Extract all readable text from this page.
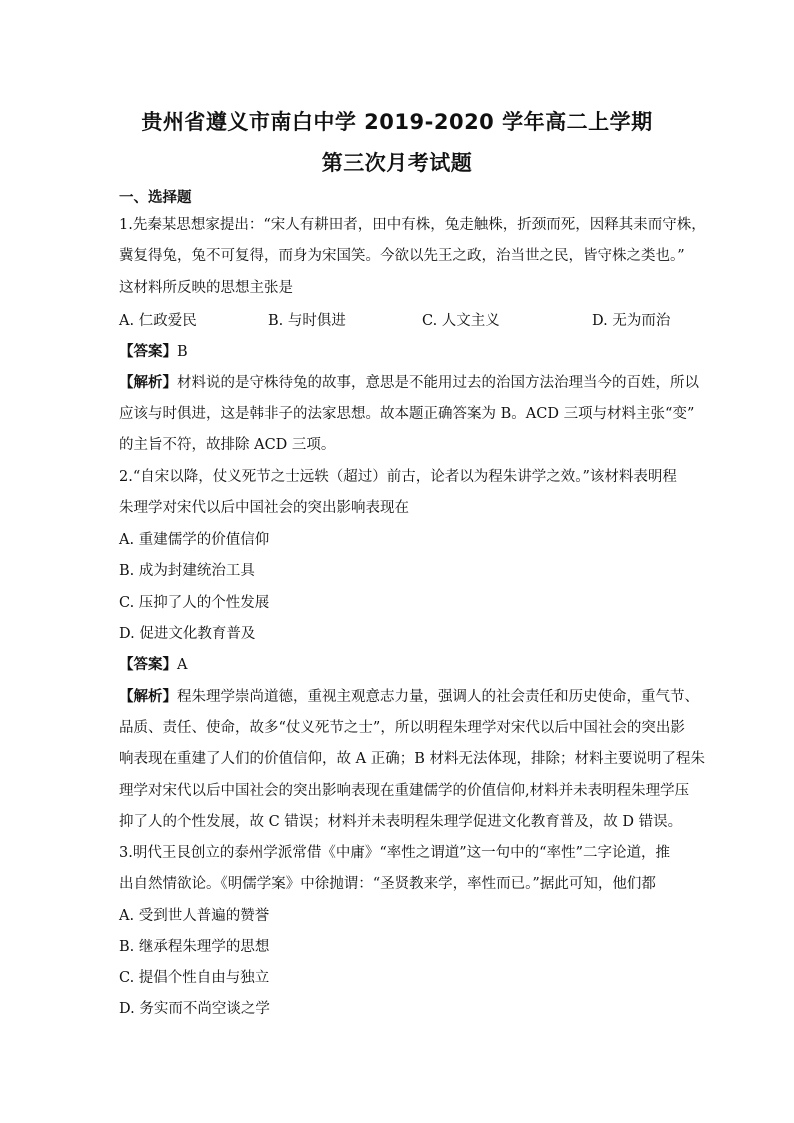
贵州省遵义市南白中学 2019-2020 学年高二上学期
第三次月考试题
一、选择题
1.先秦某思想家提出：“宋人有耕田者，田中有株，兔走触株，折颈而死，因释其耒而守株，
冀复得兔，兔不可复得，而身为宋国笑。今欲以先王之政，治当世之民，皆守株之类也。”
这材料所反映的思想主张是
A. 仁政爱民	B. 与时俱进	C. 人文主义	D. 无为而治
【答案】B
【解析】材料说的是守株待兔的故事，意思是不能用过去的治国方法治理当今的百姓，所以
应该与时俱进，这是韩非子的法家思想。故本题正确答案为 B。ACD 三项与材料主张“变”
的主旨不符，故排除 ACD 三项。
2.“自宋以降，仗义死节之士远轶（超过）前古，论者以为程朱讲学之效。”该材料表明程
朱理学对宋代以后中国社会的突出影响表现在
A. 重建儒学的价值信仰
B. 成为封建统治工具
C. 压抑了人的个性发展
D. 促进文化教育普及
【答案】A
【解析】程朱理学崇尚道德，重视主观意志力量，强调人的社会责任和历史使命，重气节、
品质、责任、使命，故多“仗义死节之士”，所以明程朱理学对宋代以后中国社会的突出影
响表现在重建了人们的价值信仰，故 A 正确；B 材料无法体现，排除；材料主要说明了程朱
理学对宋代以后中国社会的突出影响表现在重建儒学的价值信仰,材料并未表明程朱理学压
抑了人的个性发展，故 C 错误；材料并未表明程朱理学促进文化教育普及，故 D 错误。
3.明代王艮创立的泰州学派常借《中庸》“率性之谓道”这一句中的“率性”二字论道，推
出自然情欲论。《明儒学案》中徐抛谓：“圣贤教来学，率性而已。”据此可知，他们都
A. 受到世人普遍的赞誉
B. 继承程朱理学的思想
C. 提倡个性自由与独立
D. 务实而不尚空谈之学
